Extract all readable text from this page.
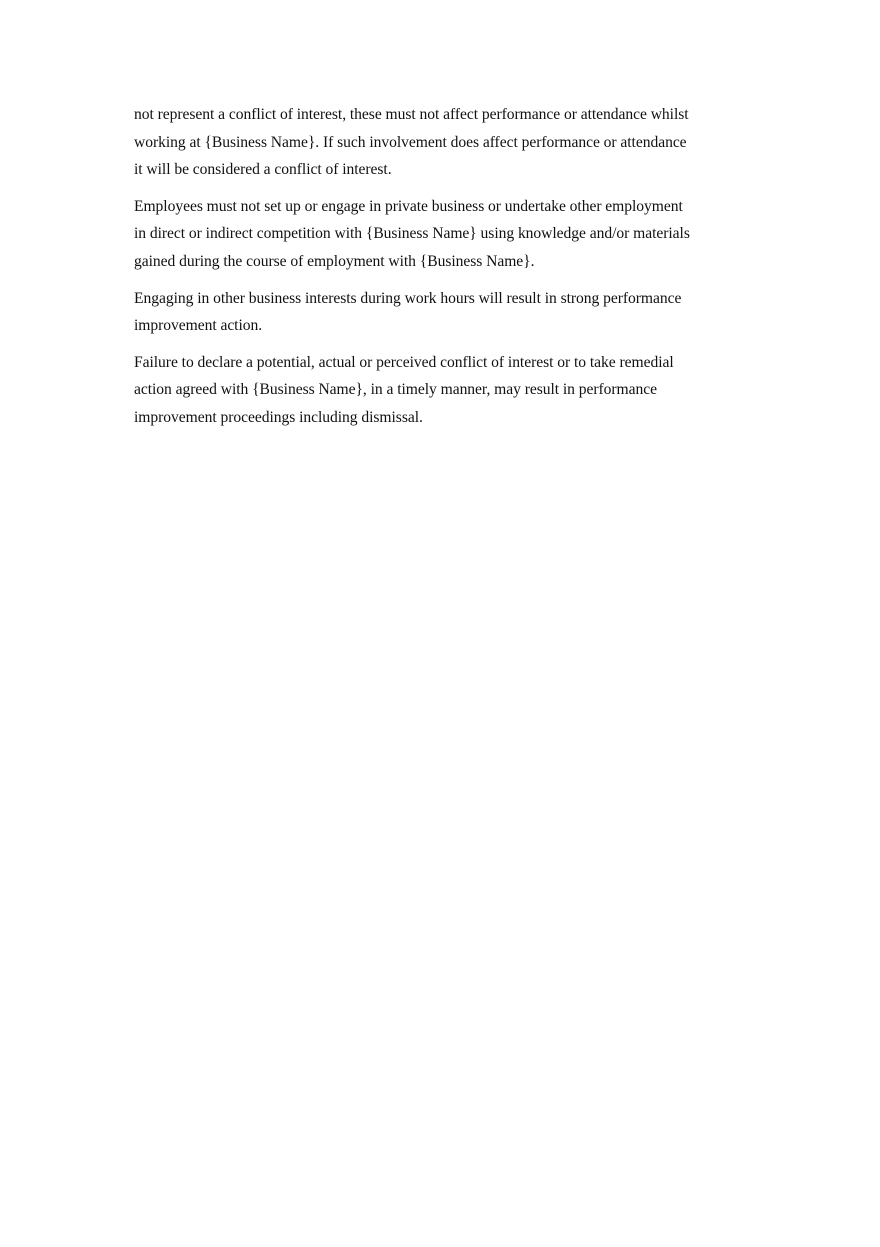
not represent a conflict of interest, these must not affect performance or attendance whilst
working at {Business Name}. If such involvement does affect performance or attendance
it will be considered a conflict of interest.

Employees must not set up or engage in private business or undertake other employment
in direct or indirect competition with {Business Name} using knowledge and/or materials
gained during the course of employment with {Business Name}.

Engaging in other business interests during work hours will result in strong performance
improvement action.

Failure to declare a potential, actual or perceived conflict of interest or to take remedial
action agreed with {Business Name}, in a timely manner, may result in performance
improvement proceedings including dismissal.
